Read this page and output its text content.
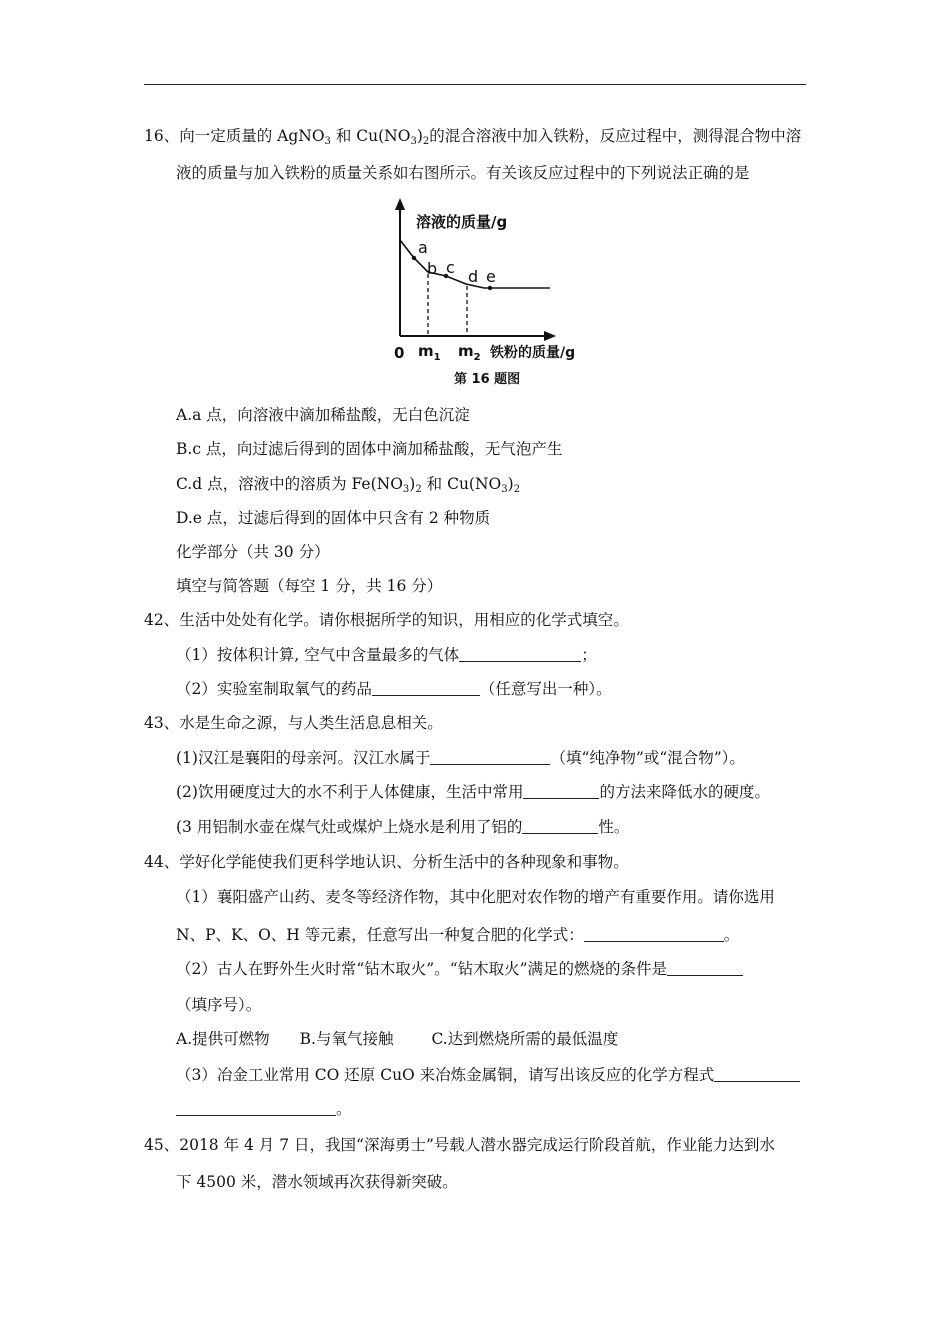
16、向一定质量的 AgNO$_3$ 和 $Cu(NO_3)_2$的混合溶液中加入铁粉，反应过程中，测得混合物中溶
液的质量与加入铁粉的质量关系如右图所示。有关该反应过程中的下列说法正确的是
溶液的质量/g
a
b c d e
0 $m_1$ $m_2$ 铁粉的质量/g
第 16 题图
A.a 点，向溶液中滴加稀盐酸，无白色沉淀
B.c 点，向过滤后得到的固体中滴加稀盐酸，无气泡产生
C.d 点，溶液中的溶质为 $Fe(NO_3)_2$ 和 $Cu(NO_3)_2$
D.e 点，过滤后得到的固体中只含有 2 种物质
化学部分（共 30 分）
填空与简答题（每空 1 分，共 16 分）
42、生活中处处有化学。请你根据所学的知识，用相应的化学式填空。
（1）按体积计算, 空气中含量最多的气体	；
（2）实验室制取氧气的药品	（任意写出一种）。
43、水是生命之源，与人类生活息息相关。
(1)汉江是襄阳的母亲河。汉江水属于	（填“纯净物”或“混合物”）。
(2)饮用硬度过大的水不利于人体健康，生活中常用	的方法来降低水的硬度。
(3 用铝制水壶在煤气灶或煤炉上烧水是利用了铝的	性。
44、学好化学能使我们更科学地认识、分析生活中的各种现象和事物。
（1）襄阳盛产山药、麦冬等经济作物，其中化肥对农作物的增产有重要作用。请你选用
N、P、K、O、H 等元素，任意写出一种复合肥的化学式：	。
（2）古人在野外生火时常“钻木取火”。“钻木取火”满足的燃烧的条件是
（填序号）。
A.提供可燃物 B.与氧气接触 C.达到燃烧所需的最低温度
（3）冶金工业常用 CO 还原 CuO 来冶炼金属铜，请写出该反应的化学方程式
。
45、2018 年 4 月 7 日，我国“深海勇士”号载人潜水器完成运行阶段首航，作业能力达到水
下 4500 米，潜水领域再次获得新突破。
